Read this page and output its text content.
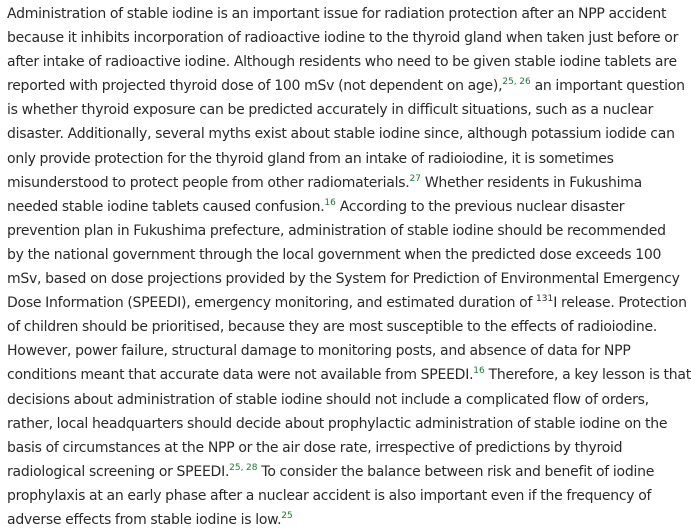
Administration of stable iodine is an important issue for radiation protection after an NPP accident
because it inhibits incorporation of radioactive iodine to the thyroid gland when taken just before or
after intake of radioactive iodine. Although residents who need to be given stable iodine tablets are
reported with projected thyroid dose of 100 mSv (not dependent on age),$^{25, 26}$ an important question
is whether thyroid exposure can be predicted accurately in difficult situations, such as a nuclear
disaster. Additionally, several myths exist about stable iodine since, although potassium iodide can
only provide protection for the thyroid gland from an intake of radioiodine, it is sometimes
misunderstood to protect people from other radiomaterials.$^{27}$ Whether residents in Fukushima
needed stable iodine tablets caused confusion.$^{16}$ According to the previous nuclear disaster
prevention plan in Fukushima prefecture, administration of stable iodine should be recommended
by the national government through the local government when the predicted dose exceeds 100
mSv, based on dose projections provided by the System for Prediction of Environmental Emergency
Dose Information (SPEEDI), emergency monitoring, and estimated duration of $^{131}$I release. Protection
of children should be prioritised, because they are most susceptible to the effects of radioiodine.
However, power failure, structural damage to monitoring posts, and absence of data for NPP
conditions meant that accurate data were not available from SPEEDI.$^{16}$ Therefore, a key lesson is that
decisions about administration of stable iodine should not include a complicated flow of orders,
rather, local headquarters should decide about prophylactic administration of stable iodine on the
basis of circumstances at the NPP or the air dose rate, irrespective of predictions by thyroid
radiological screening or SPEEDI.$^{25, 28}$ To consider the balance between risk and benefit of iodine
prophylaxis at an early phase after a nuclear accident is also important even if the frequency of
adverse effects from stable iodine is low.$^{25}$
